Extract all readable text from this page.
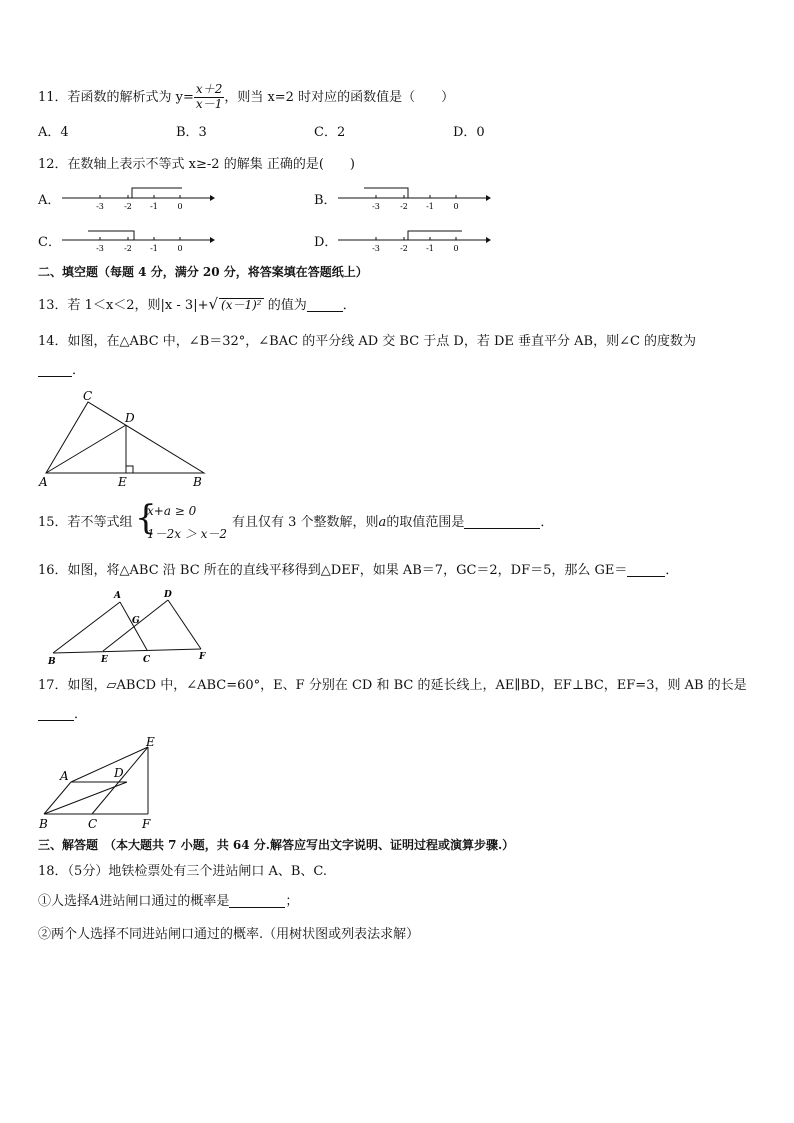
11．若函数的解析式为 $y= \frac{x+2}{x-1}$ ，则当 x=2 时对应的函数值是（　　）
A．4	B．3	C．2	D．0
12．在数轴上表示不等式 x≥-2 的解集 正确的是(　　)
A．	B．
C．	D．
-3	-2 -1 0	-3	-2 -1 0
-3	-2 -1 0	-3	-2 -1 0
二、填空题（每题 4 分，满分 20 分，将答案填在答题纸上）
13．若 1＜x＜2，则|x - 3|+√ (x－1)² 的值为	．
14．如图，在△ABC 中，∠B＝32°，∠BAC 的平分线 AD 交 BC 于点 D，若 DE 垂直平分 AB，则∠C 的度数为
．
A
C
D
E	B
15．若不等式组 {
x+a ≥ 0
1－2x ＞ x－2
有且仅有 3 个整数解，则a的取值范围是	．
16．如图，将△ABC 沿 BC 所在的直线平移得到△DEF，如果 AB＝7，GC＝2，DF＝5，那么 GE＝	．
B
A	D
G
E	C	F
17．如图，▱ABCD 中，∠ABC=60°，E、F 分别在 CD 和 BC 的延长线上，AE∥BD，EF⊥BC，EF=3，则 AB 的长是
．
B
A	D
E
C	F
三、解答题　（本大题共 7 小题，共 64 分.解答应写出文字说明、证明过程或演算步骤.）
18．（5分）地铁检票处有三个进站闸口 A、B、C.
①人选择A进站闸口通过的概率是	；
②两个人选择不同进站闸口通过的概率.（用树状图或列表法求解）
